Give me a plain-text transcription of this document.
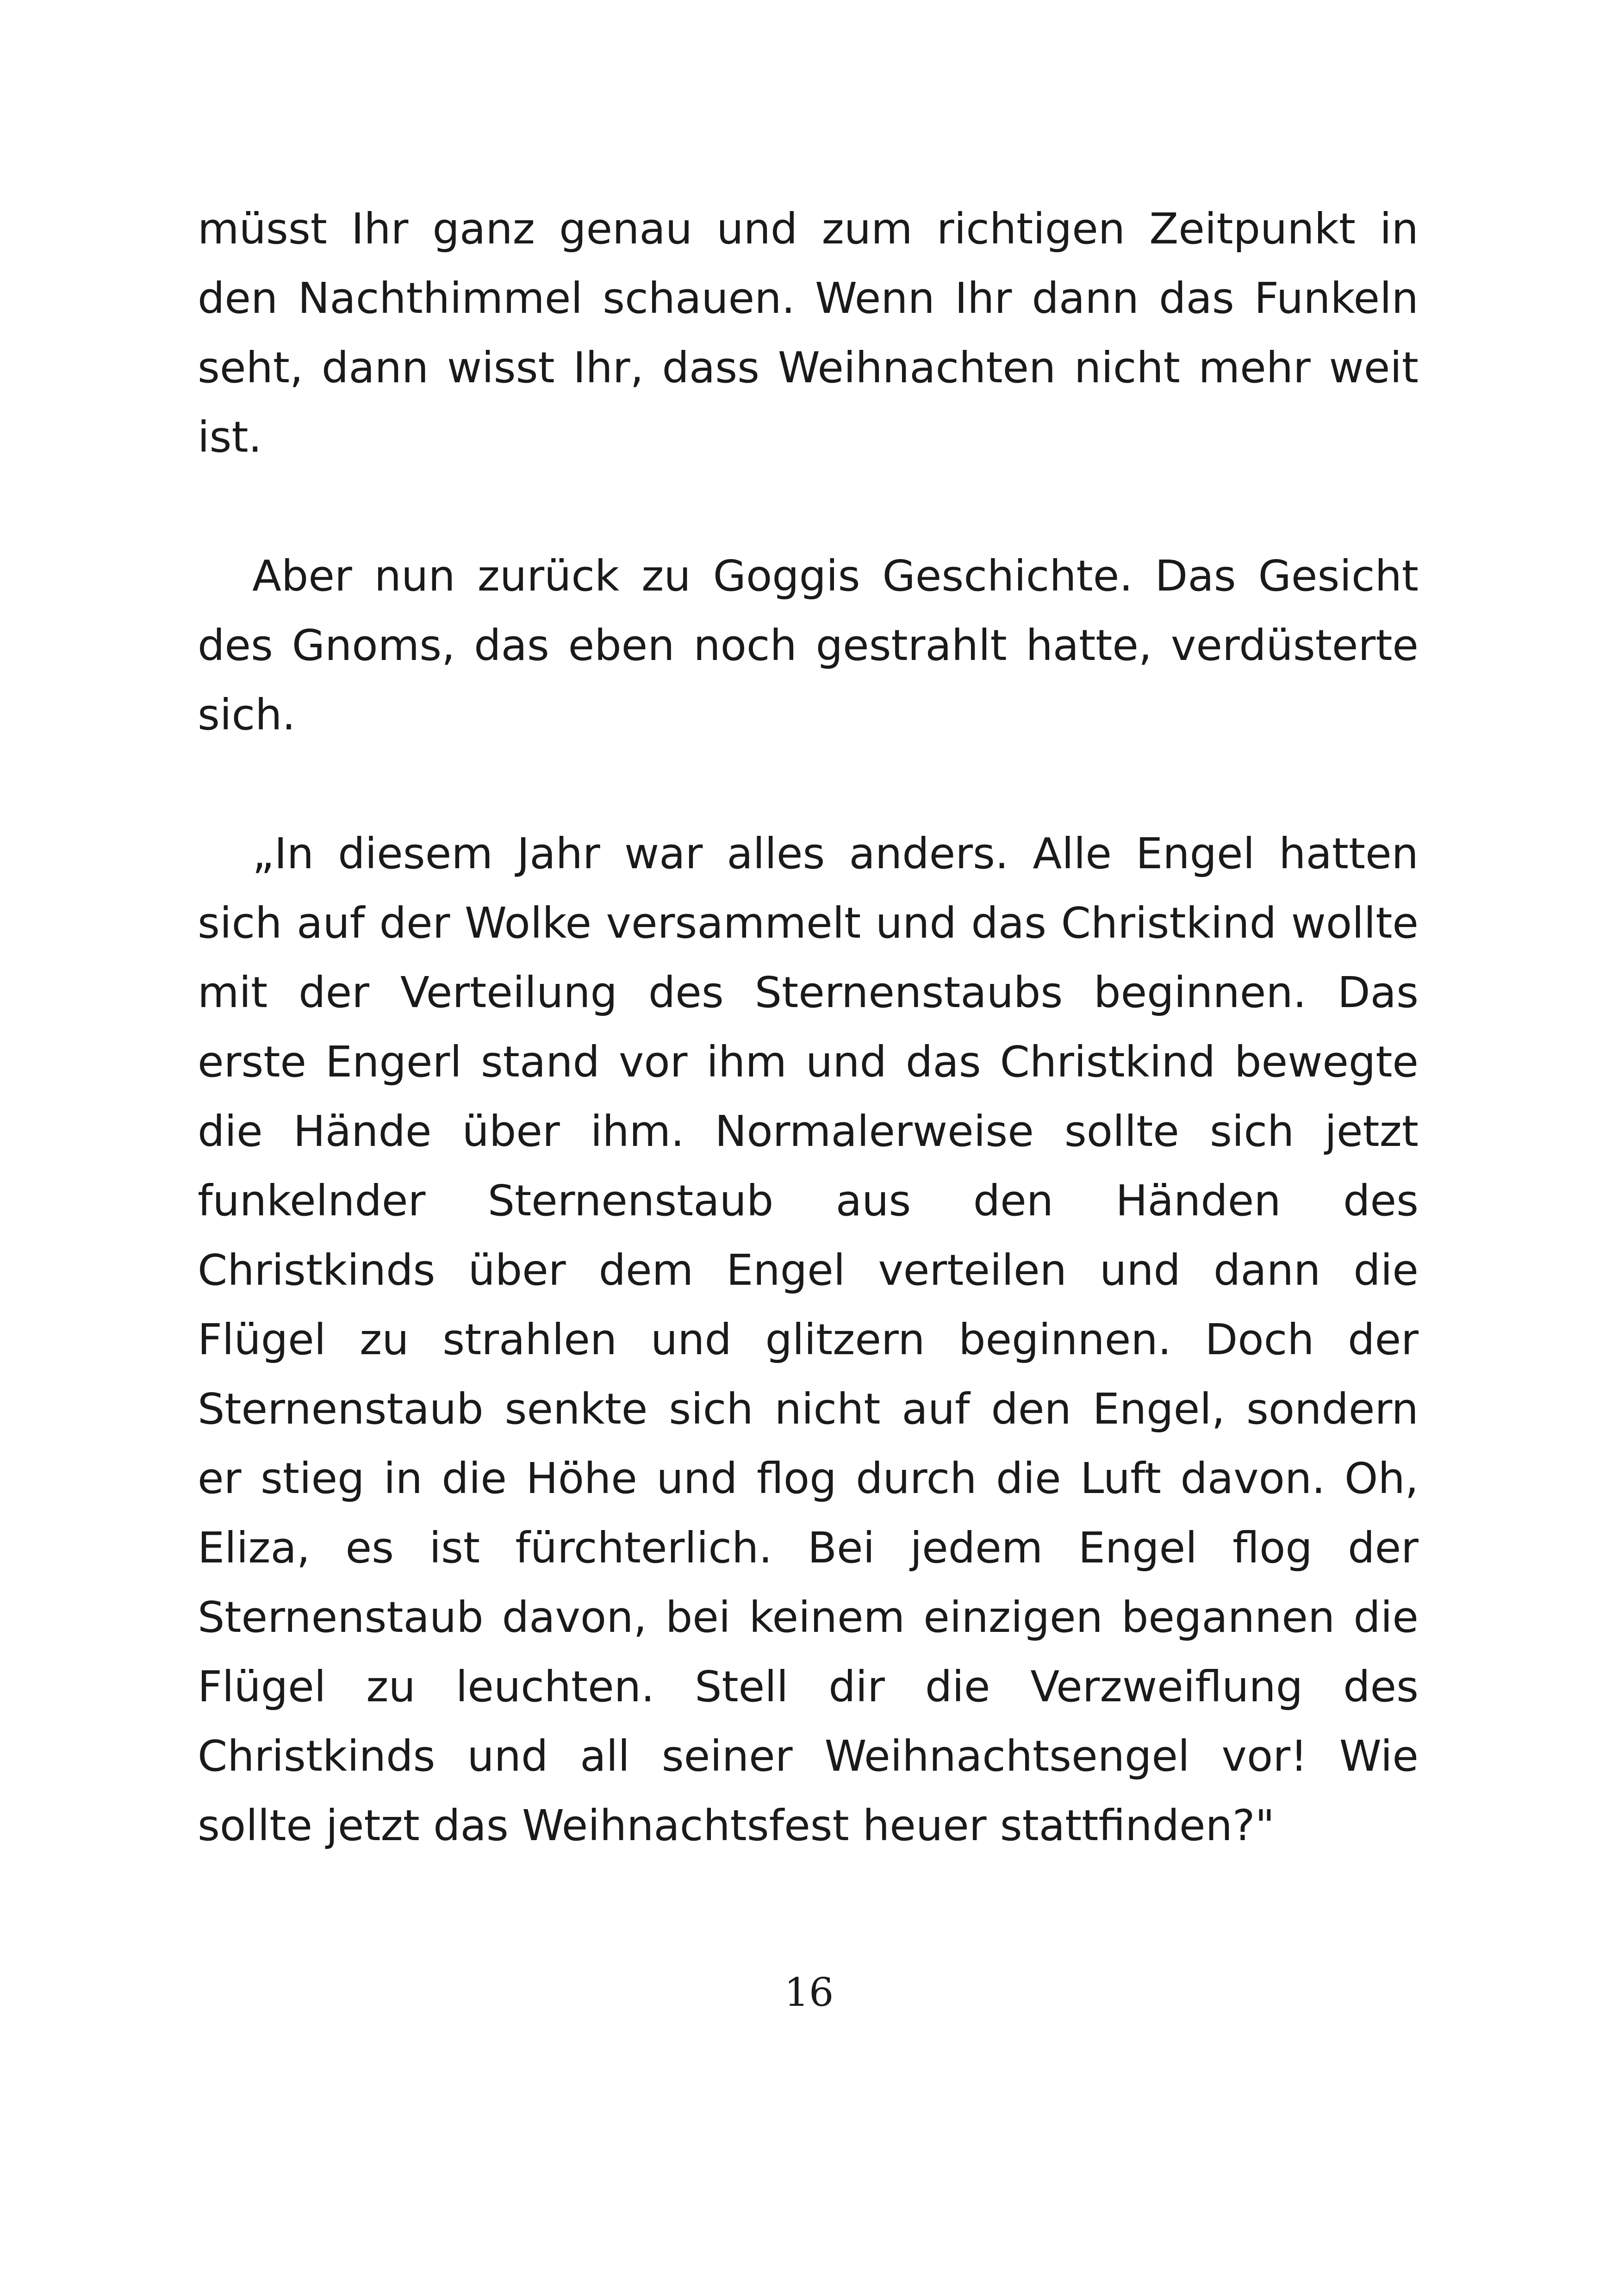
müsst Ihr ganz genau und zum richtigen Zeitpunkt in den Nachthimmel schauen. Wenn Ihr dann das Funkeln seht, dann wisst Ihr, dass Weihnachten nicht mehr weit ist.

Aber nun zurück zu Goggis Geschichte. Das Gesicht des Gnoms, das eben noch gestrahlt hatte, verdüsterte sich.

„In diesem Jahr war alles anders. Alle Engel hatten sich auf der Wolke versammelt und das Christkind wollte mit der Verteilung des Sternenstaubs beginnen. Das erste Engerl stand vor ihm und das Christkind bewegte die Hände über ihm. Normalerweise sollte sich jetzt funkelnder Sternenstaub aus den Händen des Christkinds über dem Engel verteilen und dann die Flügel zu strahlen und glitzern beginnen. Doch der Sternenstaub senkte sich nicht auf den Engel, sondern er stieg in die Höhe und flog durch die Luft davon. Oh, Eliza, es ist fürchterlich. Bei jedem Engel flog der Sternenstaub davon, bei keinem einzigen begannen die Flügel zu leuchten. Stell dir die Verzweiflung des Christkinds und all seiner Weihnachtsengel vor! Wie sollte jetzt das Weihnachtsfest heuer stattfinden?"

16
